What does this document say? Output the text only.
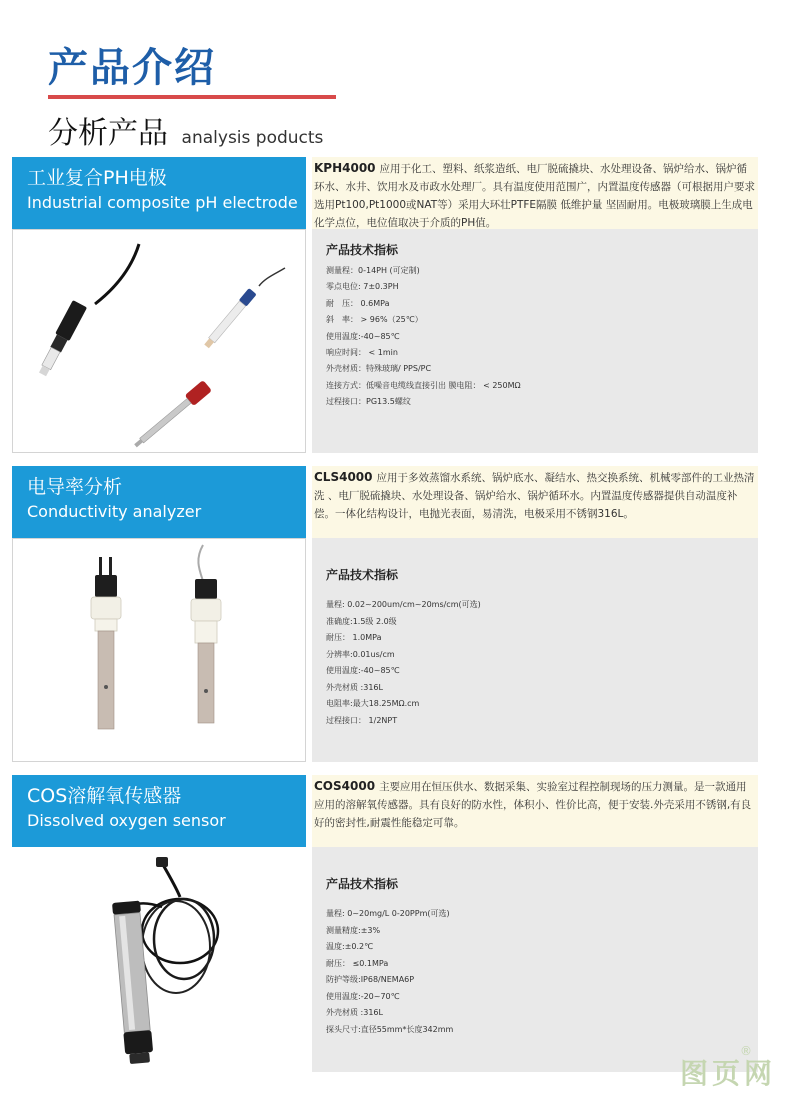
产品介绍
分析产品 analysis poducts
工业复合PH电极
Industrial composite pH electrode
KPH4000 应用于化工、塑料、纸浆造纸、电厂脱硫撬块、水处理设备、锅炉给水、锅炉循环水、水井、饮用水及市政水处理厂。具有温度使用范围广，内置温度传感器（可根据用户要求选用Pt100,Pt1000或NAT等）采用大环壮PTFE隔膜 低维护量 坚固耐用。电极玻璃膜上生成电化学点位，电位值取决于介质的PH值。
产品技术指标
测量程：0-14PH (可定制)
零点电位: 7±0.3PH
耐　压： 0.6MPa
斜　率： > 96%（25℃）
使用温度:-40~85℃
响应时间： < 1min
外壳材质：特殊玻璃/ PPS/PC
连接方式：低噪音电缆线直接引出 膜电阻： < 250MΩ
过程接口：PG13.5螺纹
电导率分析
Conductivity analyzer
CLS4000 应用于多效蒸馏水系统、锅炉底水、凝结水、热交换系统、机械零部件的工业热清洗 、电厂脱硫撬块、水处理设备、锅炉给水、锅炉循环水。内置温度传感器提供自动温度补偿。一体化结构设计，电抛光表面，易清洗，电极采用不锈钢316L。
产品技术指标
量程: 0.02~200um/cm~20ms/cm(可选)
准确度:1.5级 2.0级
耐压： 1.0MPa
分辨率:0.01us/cm
使用温度:-40~85℃
外壳材质 :316L
电阻率:最大18.25MΩ.cm
过程接口： 1/2NPT
COS溶解氧传感器
Dissolved oxygen sensor
COS4000 主要应用在恒压供水、数据采集、实验室过程控制现场的压力测量。是一款通用应用的溶解氧传感器。具有良好的防水性，体积小、性价比高，便于安装.外壳采用不锈钢,有良好的密封性,耐震性能稳定可靠。
产品技术指标
量程: 0~20mg/L 0-20PPm(可选)
测量精度:±3%
温度:±0.2℃
耐压： ≤0.1MPa
防护等级:IP68/NEMA6P
使用温度:-20~70℃
外壳材质 :316L
探头尺寸:直径55mm*长度342mm
图页网
®
